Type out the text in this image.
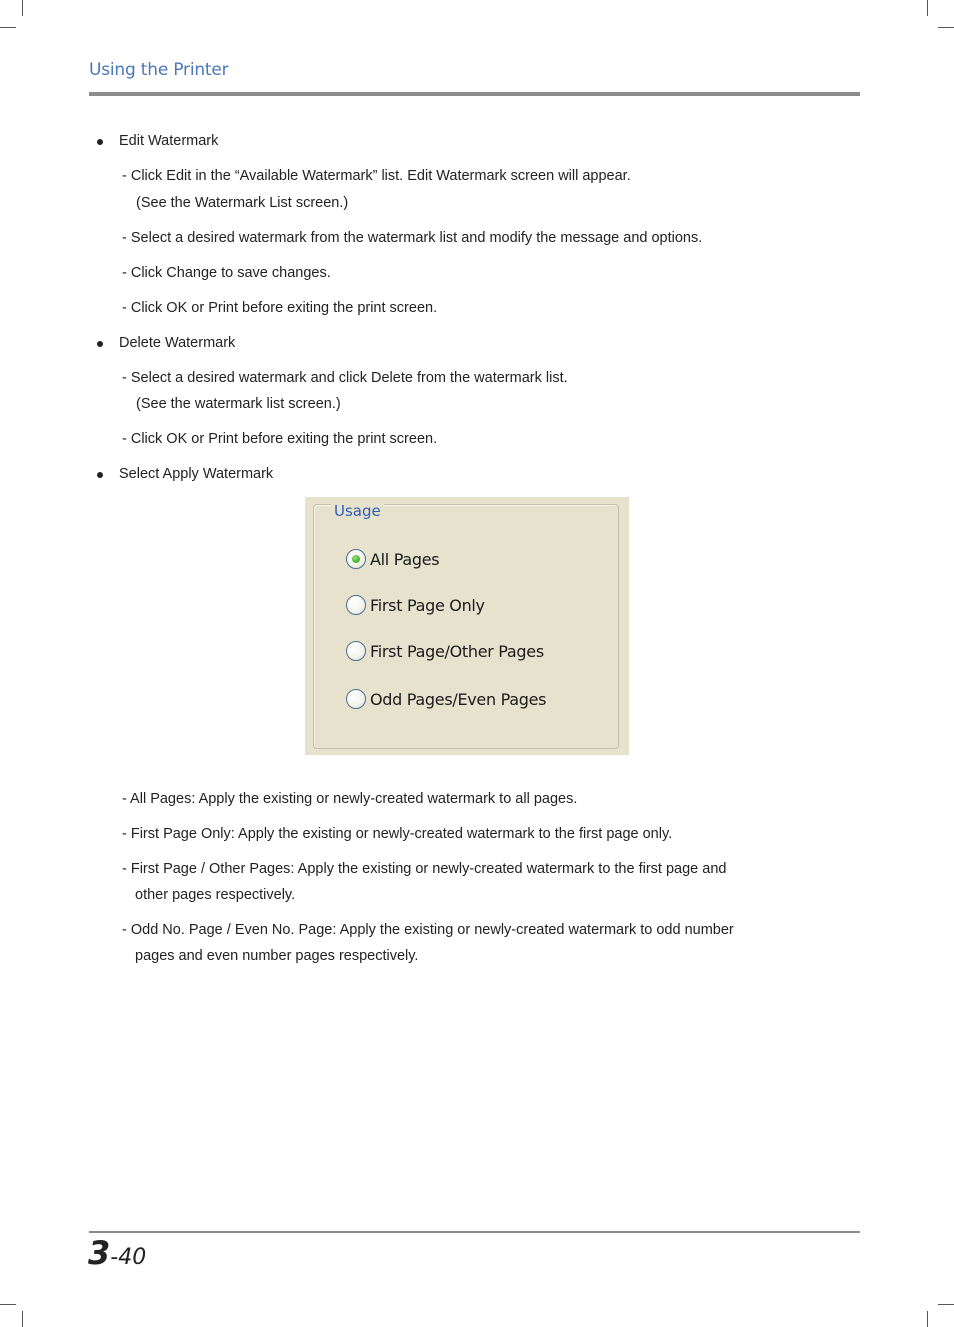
Using the Printer
Edit Watermark
- Click Edit in the “Available Watermark” list. Edit Watermark screen will appear.
(See the Watermark List screen.)
- Select a desired watermark from the watermark list and modify the message and options.
- Click Change to save changes.
- Click OK or Print before exiting the print screen.
Delete Watermark
- Select a desired watermark and click Delete from the watermark list.
(See the watermark list screen.)
- Click OK or Print before exiting the print screen.
Select Apply Watermark
Usage
All Pages
First Page Only
First Page/Other Pages
Odd Pages/Even Pages
- All Pages: Apply the existing or newly-created watermark to all pages.
- First Page Only: Apply the existing or newly-created watermark to the first page only.
- First Page / Other Pages: Apply the existing or newly-created watermark to the first page and
other pages respectively.
- Odd No. Page / Even No. Page: Apply the existing or newly-created watermark to odd number
pages and even number pages respectively.
3-40
